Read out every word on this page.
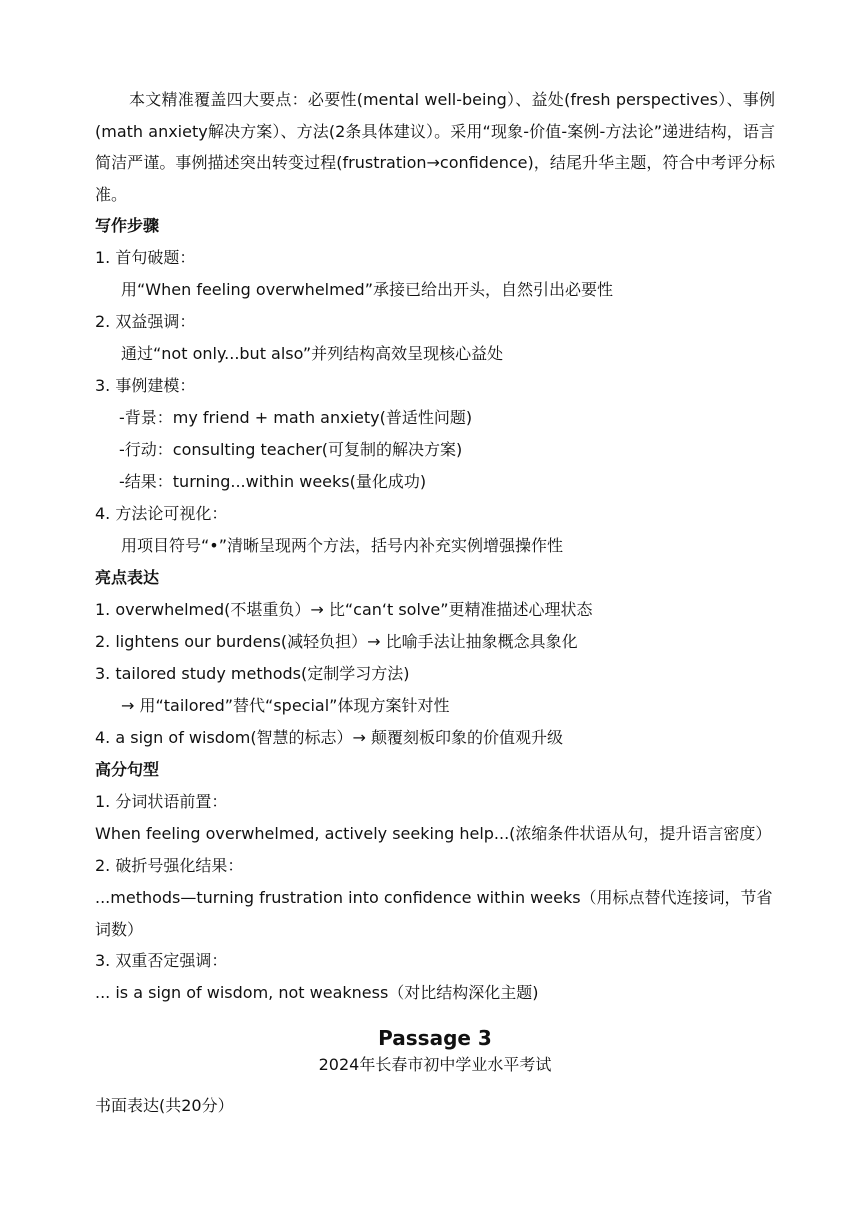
本文精准覆盖四大要点：必要性(mental well-being）、益处(fresh perspectives）、事例(math anxiety解决方案）、方法(2条具体建议）。采用“现象-价值-案例-方法论”递进结构，语言简洁严谨。事例描述突出转变过程(frustration→confidence)，结尾升华主题，符合中考评分标准。

写作步骤
1. 首句破题：
用“When feeling overwhelmed”承接已给出开头，自然引出必要性
2. 双益强调：
通过“not only...but also”并列结构高效呈现核心益处
3. 事例建模：
-背景：my friend + math anxiety(普适性问题)
-行动：consulting teacher(可复制的解决方案)
-结果：turning...within weeks(量化成功)
4. 方法论可视化：
用项目符号“•”清晰呈现两个方法，括号内补充实例增强操作性
亮点表达
1. overwhelmed(不堪重负）→ 比“can‘t solve”更精准描述心理状态
2. lightens our burdens(减轻负担）→ 比喻手法让抽象概念具象化
3. tailored study methods(定制学习方法)
→ 用“tailored”替代“special”体现方案针对性
4. a sign of wisdom(智慧的标志）→ 颠覆刻板印象的价值观升级
高分句型
1. 分词状语前置：
When feeling overwhelmed, actively seeking help...(浓缩条件状语从句，提升语言密度）
2. 破折号强化结果：

...methods—turning frustration into confidence within weeks（用标点替代连接词，节省词数）

3. 双重否定强调：
... is a sign of wisdom, not weakness（对比结构深化主题)
Passage 3
2024年长春市初中学业水平考试
书面表达(共20分）
